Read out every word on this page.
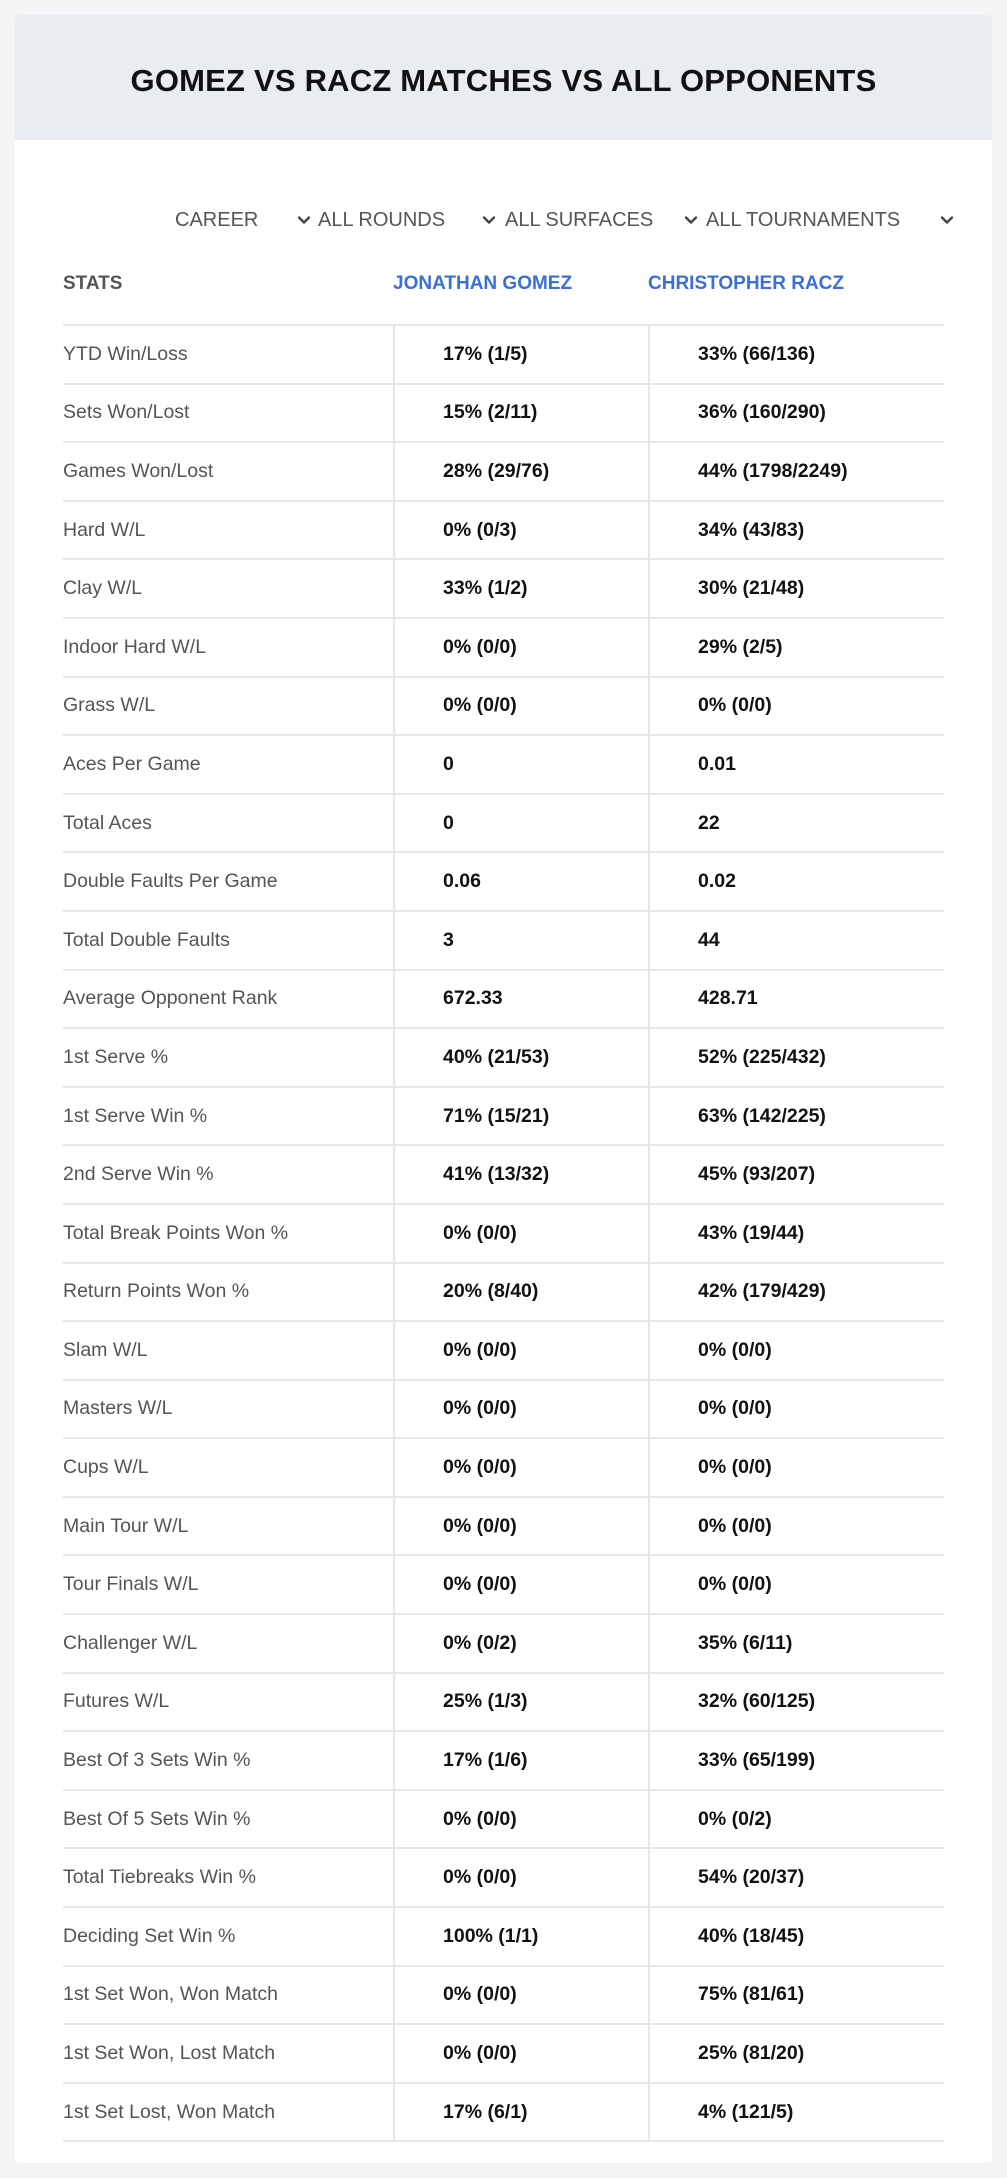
GOMEZ VS RACZ MATCHES VS ALL OPPONENTS
CAREER	ALL ROUNDS	ALL SURFACES	ALL TOURNAMENTS
STATS	JONATHAN GOMEZ	CHRISTOPHER RACZ
YTD Win/Loss	17% (1/5)	33% (66/136)
Sets Won/Lost	15% (2/11)	36% (160/290)
Games Won/Lost	28% (29/76)	44% (1798/2249)
Hard W/L	0% (0/3)	34% (43/83)
Clay W/L	33% (1/2)	30% (21/48)
Indoor Hard W/L	0% (0/0)	29% (2/5)
Grass W/L	0% (0/0)	0% (0/0)
Aces Per Game	0	0.01
Total Aces	0	22
Double Faults Per Game	0.06	0.02
Total Double Faults	3	44
Average Opponent Rank	672.33	428.71
1st Serve %	40% (21/53)	52% (225/432)
1st Serve Win %	71% (15/21)	63% (142/225)
2nd Serve Win %	41% (13/32)	45% (93/207)
Total Break Points Won %	0% (0/0)	43% (19/44)
Return Points Won %	20% (8/40)	42% (179/429)
Slam W/L	0% (0/0)	0% (0/0)
Masters W/L	0% (0/0)	0% (0/0)
Cups W/L	0% (0/0)	0% (0/0)
Main Tour W/L	0% (0/0)	0% (0/0)
Tour Finals W/L	0% (0/0)	0% (0/0)
Challenger W/L	0% (0/2)	35% (6/11)
Futures W/L	25% (1/3)	32% (60/125)
Best Of 3 Sets Win %	17% (1/6)	33% (65/199)
Best Of 5 Sets Win %	0% (0/0)	0% (0/2)
Total Tiebreaks Win %	0% (0/0)	54% (20/37)
Deciding Set Win %	100% (1/1)	40% (18/45)
1st Set Won, Won Match	0% (0/0)	75% (81/61)
1st Set Won, Lost Match	0% (0/0)	25% (81/20)
1st Set Lost, Won Match	17% (6/1)	4% (121/5)
